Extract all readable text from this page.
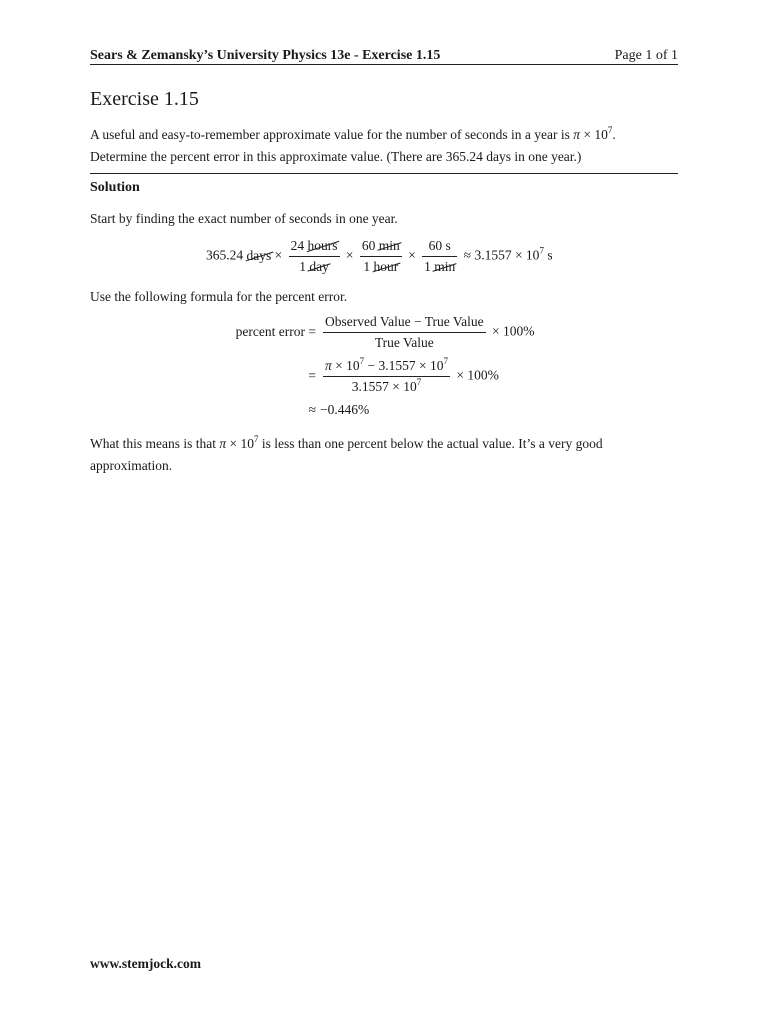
Sears & Zemansky’s University Physics 13e - Exercise 1.15	Page 1 of 1
Exercise 1.15
A useful and easy-to-remember approximate value for the number of seconds in a year is $\pi \times 10^7$.
Determine the percent error in this approximate value. (There are 365.24 days in one year.)
Solution
Start by finding the exact number of seconds in one year.
365.24 days × $\frac{\text{24 hours}}{\text{1 day}} \times \frac{60 \min}{\text{1 hour}} \times \frac{60 s}{1 \min} \approx 3.1557 \times 10^7$ s
Use the following formula for the percent error.
percent error = $\frac{\text{Observed Value − True Value}}{\text{True Value}} \times 100\%$
= $\frac{\pi \times 10^7 - 3.1557 \times 10^7}{3.1557 \times 10^7} \times 100\%$
≈ −0.446%
What this means is that $\pi \times 10^7$ is less than one percent below the actual value. It’s a very good approximation.
www.stemjock.com
